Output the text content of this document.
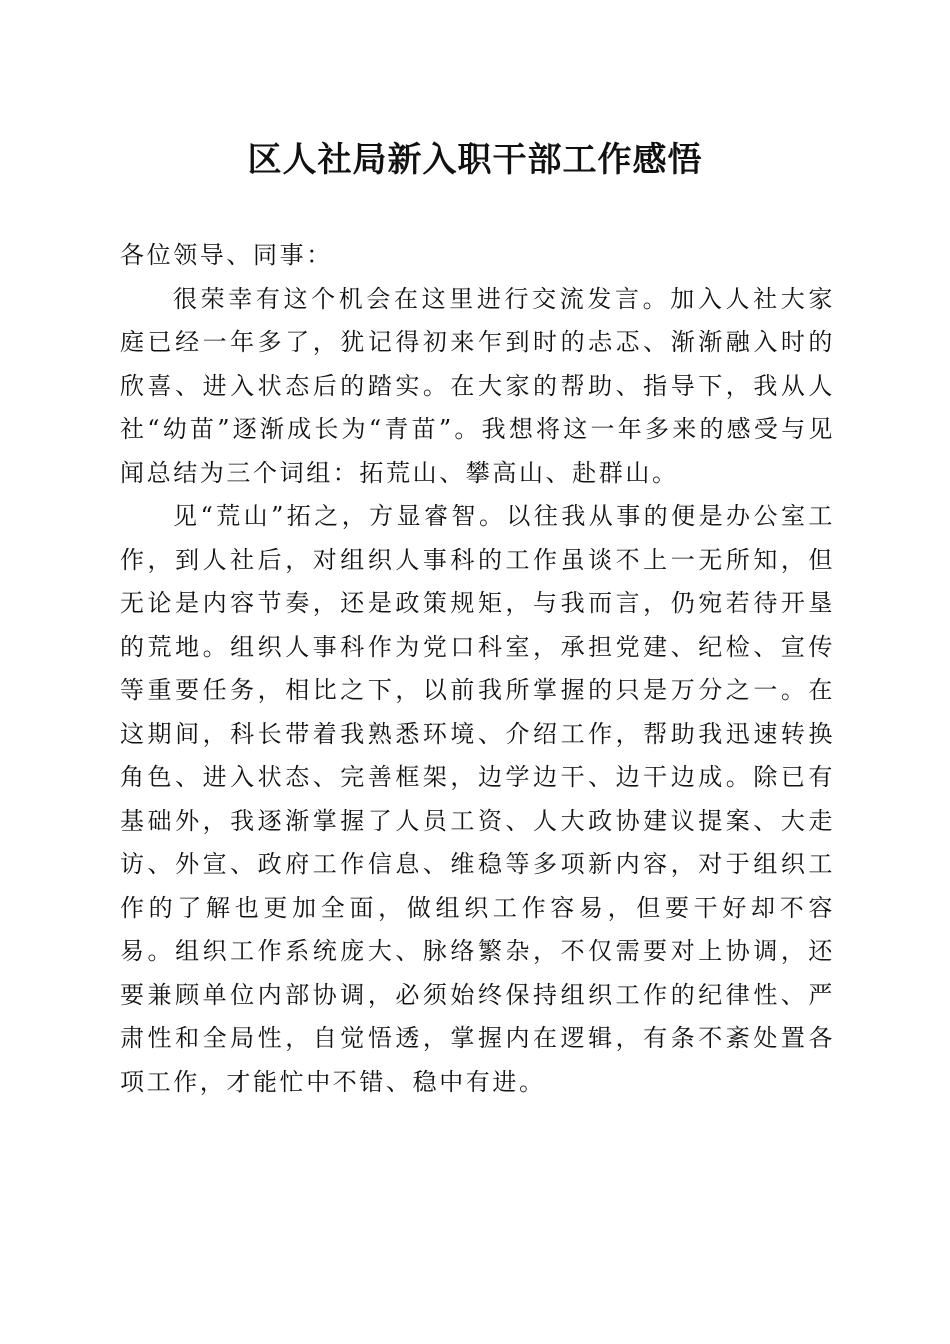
区人社局新入职干部工作感悟

各位领导、同事：

很荣幸有这个机会在这里进行交流发言。加入人社大家庭已经一年多了，犹记得初来乍到时的忐忑、渐渐融入时的欣喜、进入状态后的踏实。在大家的帮助、指导下，我从人社“幼苗”逐渐成长为“青苗”。我想将这一年多来的感受与见闻总结为三个词组：拓荒山、攀高山、赴群山。

见“荒山”拓之，方显睿智。以往我从事的便是办公室工作，到人社后，对组织人事科的工作虽谈不上一无所知，但无论是内容节奏，还是政策规矩，与我而言，仍宛若待开垦的荒地。组织人事科作为党口科室，承担党建、纪检、宣传等重要任务，相比之下，以前我所掌握的只是万分之一。在这期间，科长带着我熟悉环境、介绍工作，帮助我迅速转换角色、进入状态、完善框架，边学边干、边干边成。除已有基础外，我逐渐掌握了人员工资、人大政协建议提案、大走访、外宣、政府工作信息、维稳等多项新内容，对于组织工作的了解也更加全面，做组织工作容易，但要干好却不容易。组织工作系统庞大、脉络繁杂，不仅需要对上协调，还要兼顾单位内部协调，必须始终保持组织工作的纪律性、严肃性和全局性，自觉悟透，掌握内在逻辑，有条不紊处置各项工作，才能忙中不错、稳中有进。
